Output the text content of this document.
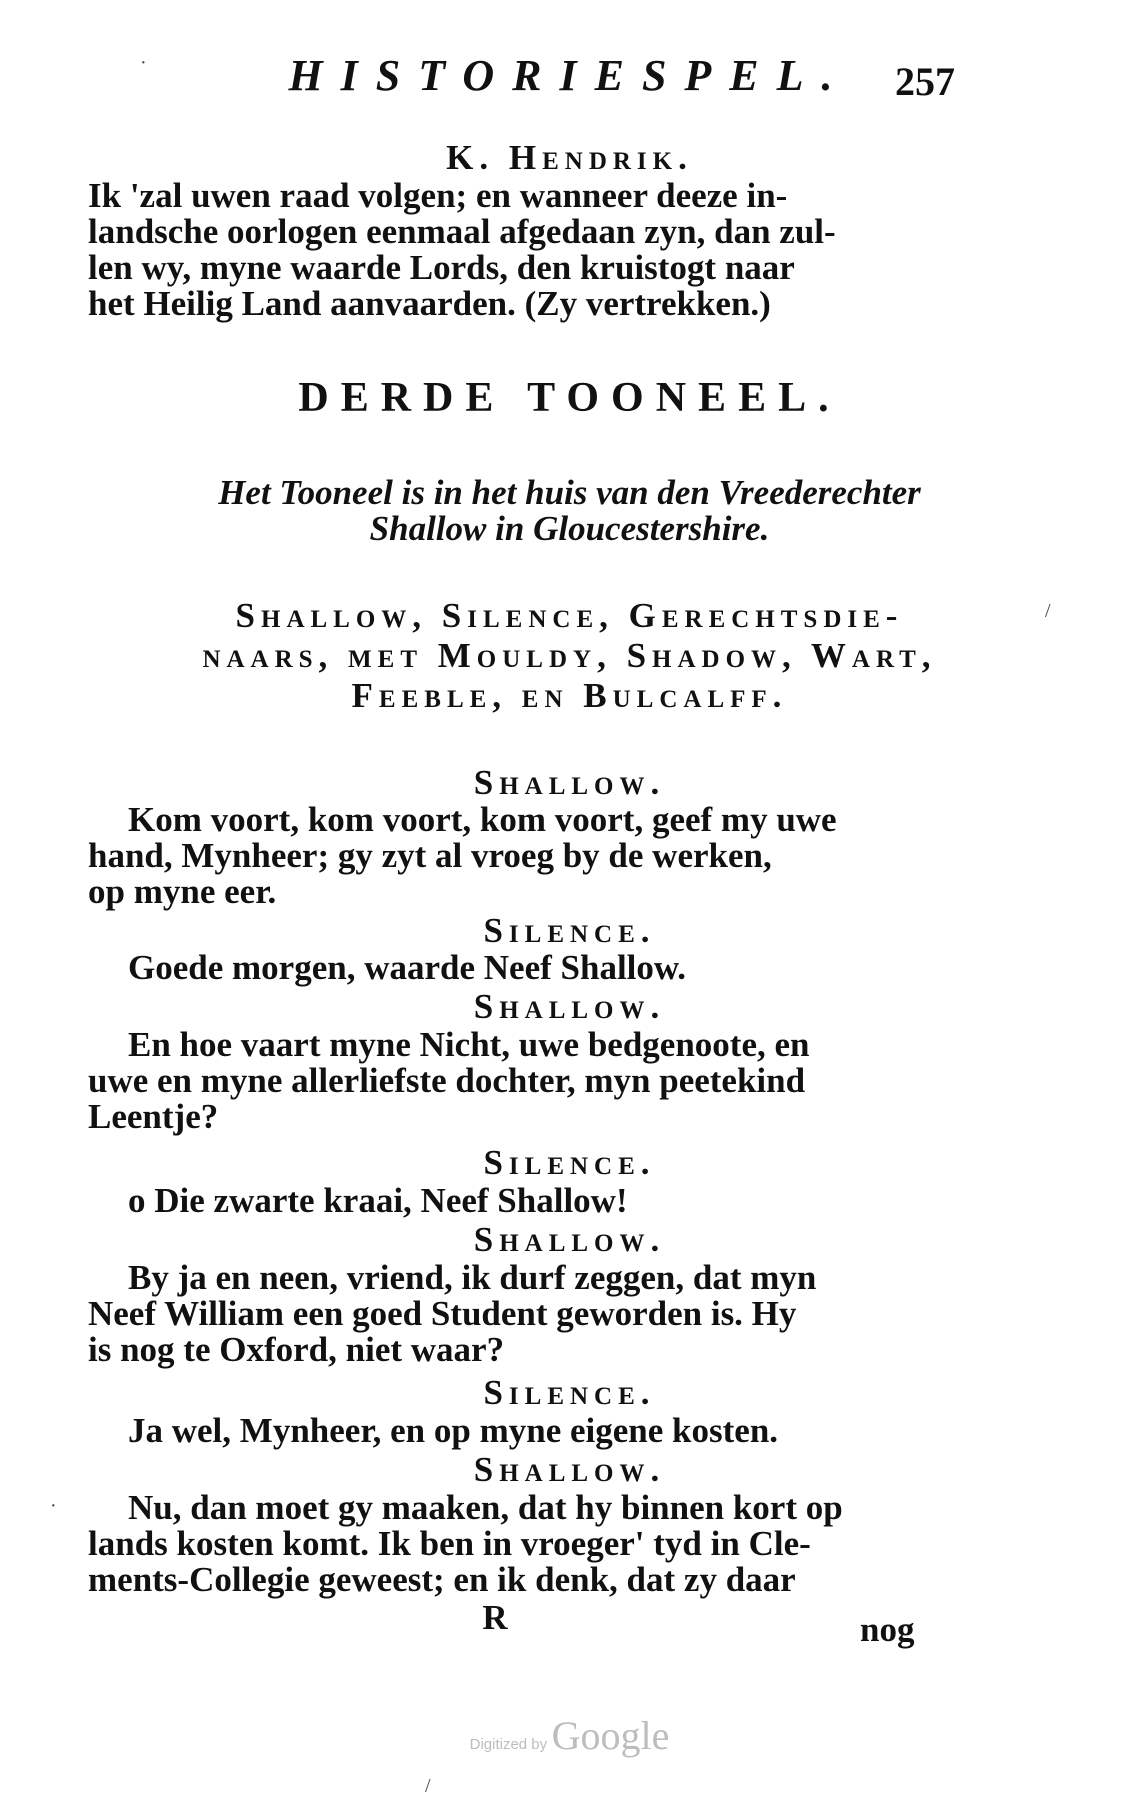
HISTORIESPEL.	257
K. Hendrik.
Ik 'zal uwen raad volgen; en wanneer deeze in-
landsche oorlogen eenmaal afgedaan zyn, dan zul-
len wy, myne waarde Lords, den kruistogt naar
het Heilig Land aanvaarden. (Zy vertrekken.)
DERDE TOONEEL.
Het Tooneel is in het huis van den Vreederechter
Shallow in Gloucestershire.
Shallow, Silence, Gerechtsdie-
naars, met Mouldy, Shadow, Wart,
Feeble, en Bulcalff.
Shallow.
Kom voort, kom voort, kom voort, geef my uwe
hand, Mynheer; gy zyt al vroeg by de werken,
op myne eer.
Silence.
Goede morgen, waarde Neef Shallow.
Shallow.
En hoe vaart myne Nicht, uwe bedgenoote, en
uwe en myne allerliefste dochter, myn peetekind
Leentje?
Silence.
o Die zwarte kraai, Neef Shallow!
Shallow.
By ja en neen, vriend, ik durf zeggen, dat myn
Neef William een goed Student geworden is. Hy
is nog te Oxford, niet waar?
Silence.
Ja wel, Mynheer, en op myne eigene kosten.
Shallow.
Nu, dan moet gy maaken, dat hy binnen kort op
lands kosten komt. Ik ben in vroeger' tyd in Cle-
ments-Collegie geweest; en ik denk, dat zy daar
R	nog
Digitized by Google
·
/
·
/
